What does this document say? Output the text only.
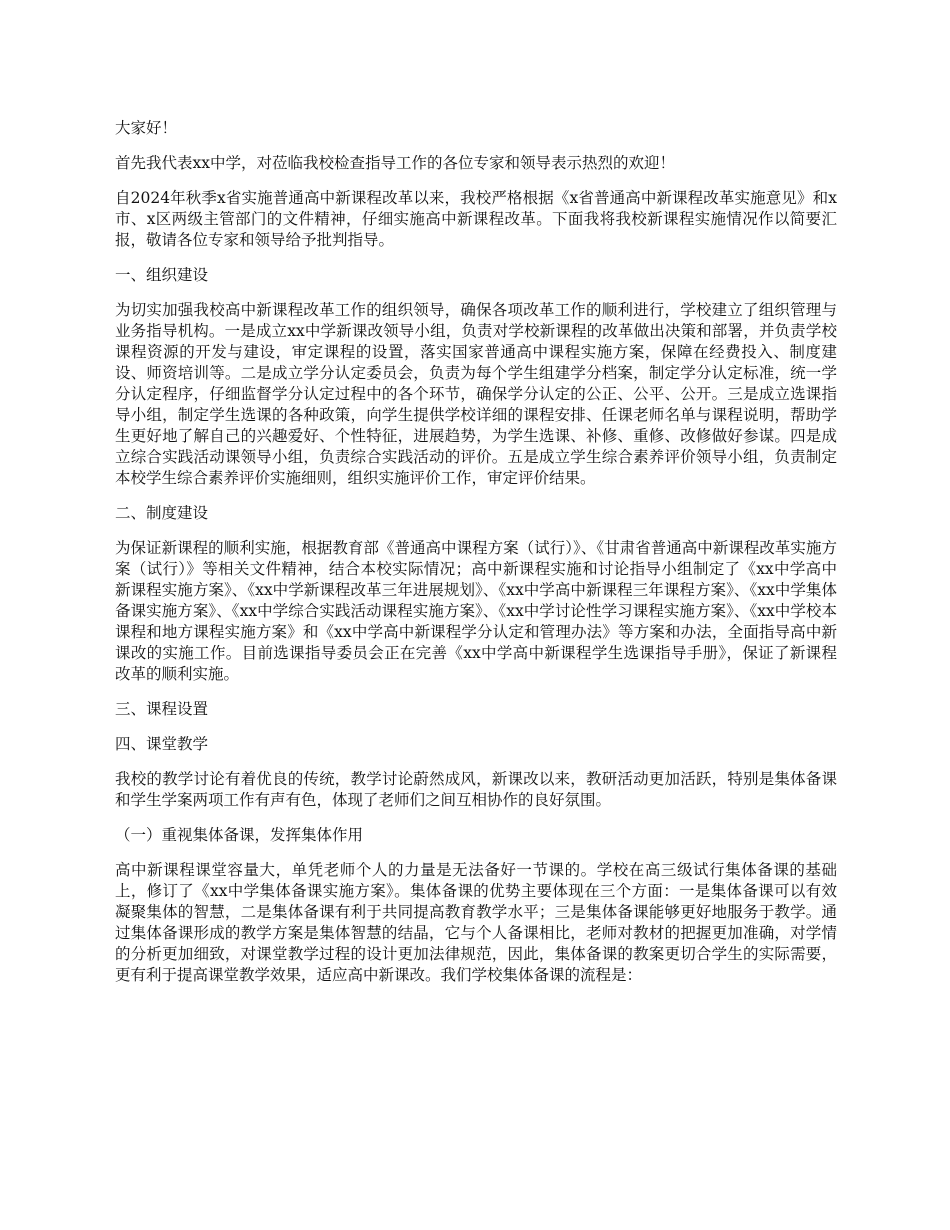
大家好！

首先我代表xx中学，对莅临我校检查指导工作的各位专家和领导表示热烈的欢迎！

自2024年秋季x省实施普通高中新课程改革以来，我校严格根据《x省普通高中新课程改革实施意见》和x市、x区两级主管部门的文件精神，仔细实施高中新课程改革。下面我将我校新课程实施情况作以简要汇报，敬请各位专家和领导给予批判指导。

一、组织建设

为切实加强我校高中新课程改革工作的组织领导，确保各项改革工作的顺利进行，学校建立了组织管理与业务指导机构。一是成立xx中学新课改领导小组，负责对学校新课程的改革做出决策和部署，并负责学校课程资源的开发与建设，审定课程的设置，落实国家普通高中课程实施方案，保障在经费投入、制度建设、师资培训等。二是成立学分认定委员会，负责为每个学生组建学分档案，制定学分认定标准，统一学分认定程序，仔细监督学分认定过程中的各个环节，确保学分认定的公正、公平、公开。三是成立选课指导小组，制定学生选课的各种政策，向学生提供学校详细的课程安排、任课老师名单与课程说明，帮助学生更好地了解自己的兴趣爱好、个性特征，进展趋势，为学生选课、补修、重修、改修做好参谋。四是成立综合实践活动课领导小组，负责综合实践活动的评价。五是成立学生综合素养评价领导小组，负责制定本校学生综合素养评价实施细则，组织实施评价工作，审定评价结果。

二、制度建设

为保证新课程的顺利实施，根据教育部《普通高中课程方案（试行）》、《甘肃省普通高中新课程改革实施方案（试行）》等相关文件精神，结合本校实际情况；高中新课程实施和讨论指导小组制定了《xx中学高中新课程实施方案》、《xx中学新课程改革三年进展规划》、《xx中学高中新课程三年课程方案》、《xx中学集体备课实施方案》、《xx中学综合实践活动课程实施方案》、《xx中学讨论性学习课程实施方案》、《xx中学校本课程和地方课程实施方案》和《xx中学高中新课程学分认定和管理办法》等方案和办法，全面指导高中新课改的实施工作。目前选课指导委员会正在完善《xx中学高中新课程学生选课指导手册》，保证了新课程改革的顺利实施。

三、课程设置

四、课堂教学

我校的教学讨论有着优良的传统，教学讨论蔚然成风，新课改以来，教研活动更加活跃，特别是集体备课和学生学案两项工作有声有色，体现了老师们之间互相协作的良好氛围。

（一）重视集体备课，发挥集体作用

高中新课程课堂容量大，单凭老师个人的力量是无法备好一节课的。学校在高三级试行集体备课的基础上，修订了《xx中学集体备课实施方案》。集体备课的优势主要体现在三个方面：一是集体备课可以有效凝聚集体的智慧，二是集体备课有利于共同提高教育教学水平；三是集体备课能够更好地服务于教学。通过集体备课形成的教学方案是集体智慧的结晶，它与个人备课相比，老师对教材的把握更加准确，对学情的分析更加细致，对课堂教学过程的设计更加法律规范，因此，集体备课的教案更切合学生的实际需要，更有利于提高课堂教学效果，适应高中新课改。我们学校集体备课的流程是：
